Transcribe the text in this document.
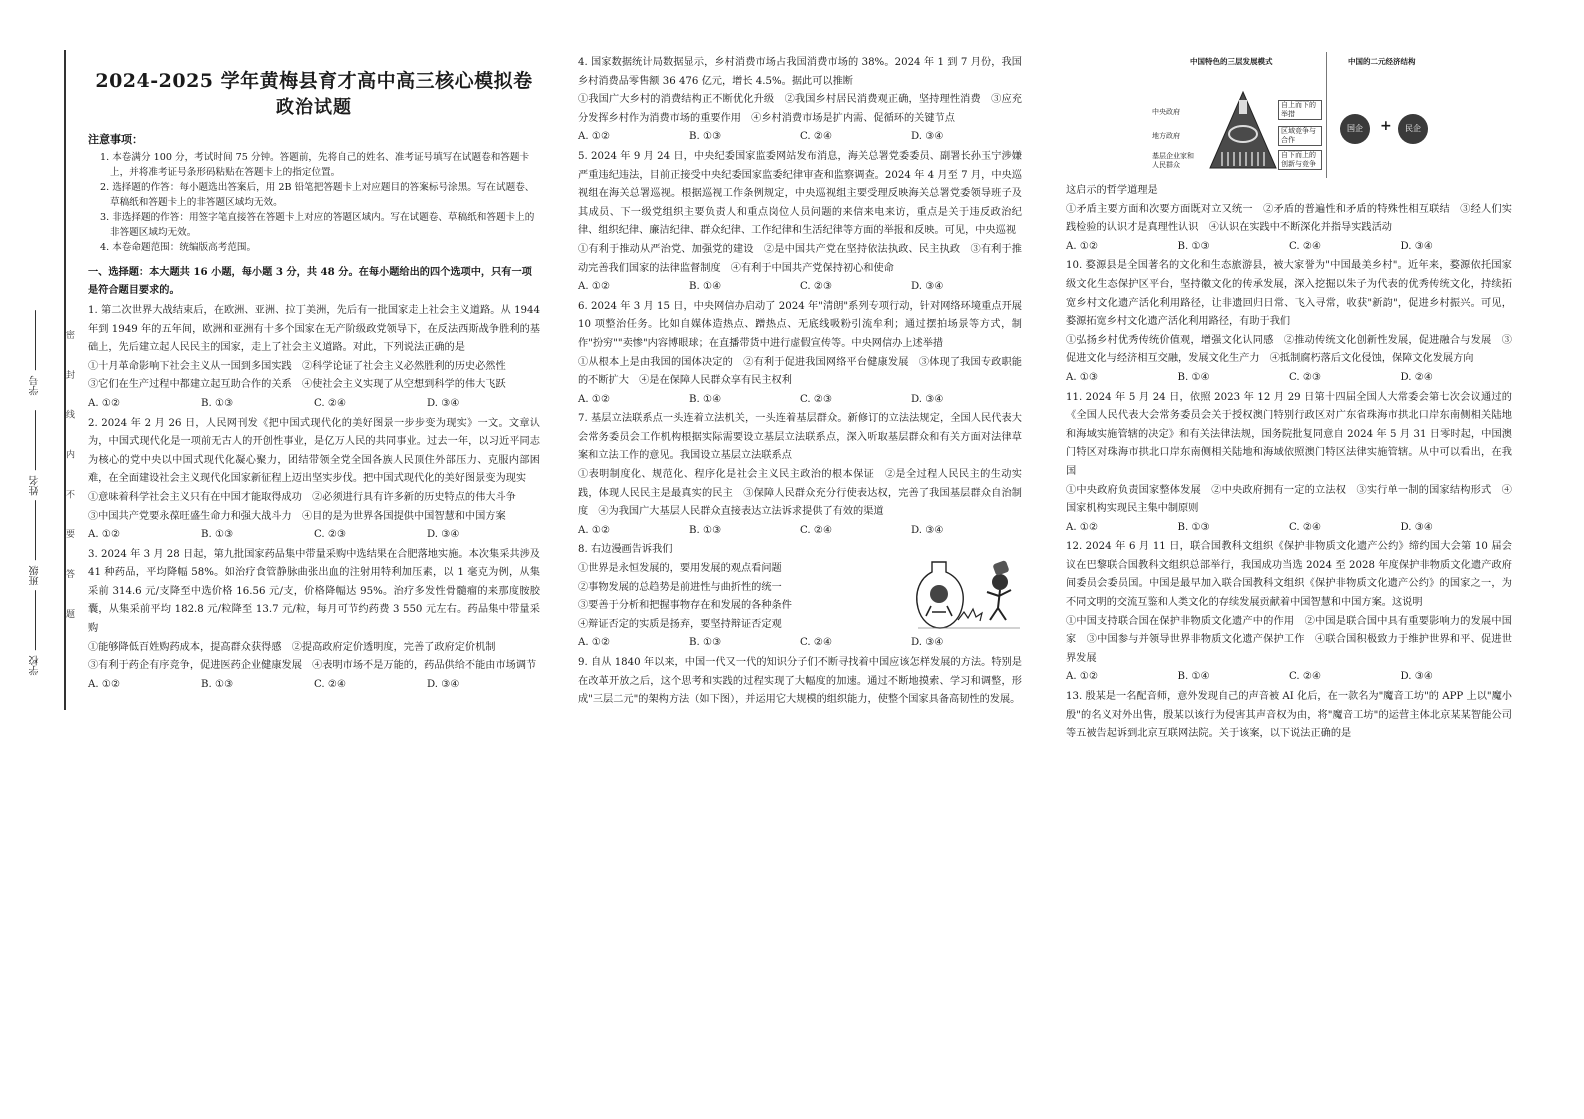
学号
姓名
班级
学校
密 封 线 内 不 要 答 题
2024-2025 学年黄梅县育才高中高三核心模拟卷
政治试题

注意事项：

1. 本卷满分 100 分，考试时间 75 分钟。答题前，先将自己的姓名、准考证号填写在试题卷和答题卡上，并将准考证号条形码粘贴在答题卡上的指定位置。

2. 选择题的作答：每小题选出答案后，用 2B 铅笔把答题卡上对应题目的答案标号涂黑。写在试题卷、草稿纸和答题卡上的非答题区域均无效。

3. 非选择题的作答：用签字笔直接答在答题卡上对应的答题区域内。写在试题卷、草稿纸和答题卡上的非答题区域均无效。

4. 本卷命题范围：统编版高考范围。

一、选择题：本大题共 16 小题，每小题 3 分，共 48 分。在每小题给出的四个选项中，只有一项是符合题目要求的。

1. 第二次世界大战结束后，在欧洲、亚洲、拉丁美洲，先后有一批国家走上社会主义道路。从 1944 年到 1949 年的五年间，欧洲和亚洲有十多个国家在无产阶级政党领导下，在反法西斯战争胜利的基础上，先后建立起人民民主的国家，走上了社会主义道路。对此，下列说法正确的是

①十月革命影响下社会主义从一国到多国实践　 ②科学论证了社会主义必然胜利的历史必然性
③它们在生产过程中都建立起互助合作的关系　 ④使社会主义实现了从空想到科学的伟大飞跃
A. ①②	B. ①③	C. ②④	D. ③④

2. 2024 年 2 月 26 日，人民网刊发《把中国式现代化的美好图景一步步变为现实》一文。文章认为，中国式现代化是一项前无古人的开创性事业，是亿万人民的共同事业。过去一年，以习近平同志为核心的党中央以中国式现代化凝心聚力，团结带领全党全国各族人民顶住外部压力、克服内部困难，在全面建设社会主义现代化国家新征程上迈出坚实步伐。把中国式现代化的美好图景变为现实

①意味着科学社会主义只有在中国才能取得成功　 ②必须进行具有许多新的历史特点的伟大斗争
③中国共产党要永葆旺盛生命力和强大战斗力　 ④目的是为世界各国提供中国智慧和中国方案
A. ①②	B. ①③	C. ②③	D. ③④

3. 2024 年 3 月 28 日起，第九批国家药品集中带量采购中选结果在合肥落地实施。本次集采共涉及 41 种药品，平均降幅 58%。如治疗食管静脉曲张出血的注射用特利加压素，以 1 毫克为例，从集采前 314.6 元/支降至中选价格 16.56 元/支，价格降幅达 95%。治疗多发性骨髓瘤的来那度胺胶囊，从集采前平均 182.8 元/粒降至 13.7 元/粒，每月可节约药费 3 550 元左右。药品集中带量采购

①能够降低百姓购药成本，提高群众获得感　 ②提高政府定价透明度，完善了政府定价机制
③有利于药企有序竞争，促进医药企业健康发展　 ④表明市场不是万能的，药品供给不能由市场调节
A. ①②	B. ①③	C. ②④	D. ③④

4. 国家数据统计局数据显示，乡村消费市场占我国消费市场的 38%。2024 年 1 到 7 月份，我国乡村消费品零售额 36 476 亿元，增长 4.5%。据此可以推断

①我国广大乡村的消费结构正不断优化升级　②我国乡村居民消费观正确，坚持理性消费　③应充分发挥乡村作为消费市场的重要作用　④乡村消费市场是扩内需、促循环的关键节点

A. ①②	B. ①③	C. ②④	D. ③④

5. 2024 年 9 月 24 日，中央纪委国家监委网站发布消息，海关总署党委委员、副署长孙玉宁涉嫌严重违纪违法，目前正接受中央纪委国家监委纪律审查和监察调查。2024 年 4 月至 7 月，中央巡视组在海关总署巡视。根据巡视工作条例规定，中央巡视组主要受理反映海关总署党委领导班子及其成员、下一级党组织主要负责人和重点岗位人员问题的来信来电来访，重点是关于违反政治纪律、组织纪律、廉洁纪律、群众纪律、工作纪律和生活纪律等方面的举报和反映。可见，中央巡视

①有利于推动从严治党、加强党的建设　②是中国共产党在坚持依法执政、民主执政　③有利于推动完善我们国家的法律监督制度　④有利于中国共产党保持初心和使命

A. ①②	B. ①④	C. ②③	D. ③④

6. 2024 年 3 月 15 日，中央网信办启动了 2024 年"清朗"系列专项行动，针对网络环境重点开展 10 项整治任务。比如自媒体造热点、蹭热点、无底线吸粉引流牟利；通过摆拍场景等方式，制作"扮穷""卖惨"内容博眼球；在直播带货中进行虚假宣传等。中央网信办上述举措

①从根本上是由我国的国体决定的　②有利于促进我国网络平台健康发展　③体现了我国专政职能的不断扩大　④是在保障人民群众享有民主权利

A. ①②	B. ①④	C. ②③	D. ③④

7. 基层立法联系点一头连着立法机关，一头连着基层群众。新修订的立法法规定，全国人民代表大会常务委员会工作机构根据实际需要设立基层立法联系点，深入听取基层群众和有关方面对法律草案和立法工作的意见。我国设立基层立法联系点

①表明制度化、规范化、程序化是社会主义民主政治的根本保证　②是全过程人民民主的生动实践，体现人民民主是最真实的民主　③保障人民群众充分行使表达权，完善了我国基层群众自治制度　④为我国广大基层人民群众直接表达立法诉求提供了有效的渠道

A. ①②	B. ①③	C. ②④	D. ③④

8. 右边漫画告诉我们

①世界是永恒发展的，要用发展的观点看问题

②事物发展的总趋势是前进性与曲折性的统一

③要善于分析和把握事物存在和发展的各种条件

④辩证否定的实质是扬弃，要坚持辩证否定观

A. ①②	B. ①③	C. ②④	D. ③④

9. 自从 1840 年以来，中国一代又一代的知识分子们不断寻找着中国应该怎样发展的方法。特别是在改革开放之后，这个思考和实践的过程实现了大幅度的加速。通过不断地摸索、学习和调整，形成"三层二元"的架构方法（如下图），并运用它大规模的组织能力，使整个国家具备高韧性的发展。

中国特色的三层发展模式	中国的二元经济结构
中央政府
地方政府
基层企业家和人民群众
自上而下的举措
区域竞争与合作
自下而上的创新与竞争
国企	+	民企

这启示的哲学道理是

①矛盾主要方面和次要方面既对立又统一　②矛盾的普遍性和矛盾的特殊性相互联结　③经人们实践检验的认识才是真理性认识　④认识在实践中不断深化并指导实践活动

A. ①②	B. ①③	C. ②④	D. ③④

10. 婺源县是全国著名的文化和生态旅游县，被大家誉为"中国最美乡村"。近年来，婺源依托国家级文化生态保护区平台，坚持徽文化的传承发展，深入挖掘以朱子为代表的优秀传统文化，持续拓宽乡村文化遗产活化利用路径，让非遗回归日常、飞入寻常，收获"新韵"，促进乡村振兴。可见，婺源拓宽乡村文化遗产活化利用路径，有助于我们

①弘扬乡村优秀传统价值观，增强文化认同感　②推动传统文化创新性发展，促进融合与发展　③促进文化与经济相互交融，发展文化生产力　④抵制腐朽落后文化侵蚀，保障文化发展方向

A. ①③	B. ①④	C. ②③	D. ②④

11. 2024 年 5 月 24 日，依照 2023 年 12 月 29 日第十四届全国人大常委会第七次会议通过的《全国人民代表大会常务委员会关于授权澳门特别行政区对广东省珠海市拱北口岸东南侧相关陆地和海域实施管辖的决定》和有关法律法规，国务院批复同意自 2024 年 5 月 31 日零时起，中国澳门特区对珠海市拱北口岸东南侧相关陆地和海域依照澳门特区法律实施管辖。从中可以看出，在我国

①中央政府负责国家整体发展　②中央政府拥有一定的立法权　③实行单一制的国家结构形式　④国家机构实现民主集中制原则

A. ①②	B. ①③	C. ②④	D. ③④

12. 2024 年 6 月 11 日，联合国教科文组织《保护非物质文化遗产公约》缔约国大会第 10 届会议在巴黎联合国教科文组织总部举行，我国成功当选 2024 至 2028 年度保护非物质文化遗产政府间委员会委员国。中国是最早加入联合国教科文组织《保护非物质文化遗产公约》的国家之一，为不同文明的交流互鉴和人类文化的存续发展贡献着中国智慧和中国方案。这说明

①中国支持联合国在保护非物质文化遗产中的作用　②中国是联合国中具有重要影响力的发展中国家　③中国参与并领导世界非物质文化遗产保护工作　④联合国积极致力于维护世界和平、促进世界发展

A. ①②	B. ①④	C. ②④	D. ③④

13. 殷某是一名配音师，意外发现自己的声音被 AI 化后，在一款名为"魔音工坊"的 APP 上以"魔小殷"的名义对外出售，殷某以该行为侵害其声音权为由，将"魔音工坊"的运营主体北京某某智能公司等五被告起诉到北京互联网法院。关于该案，以下说法正确的是
